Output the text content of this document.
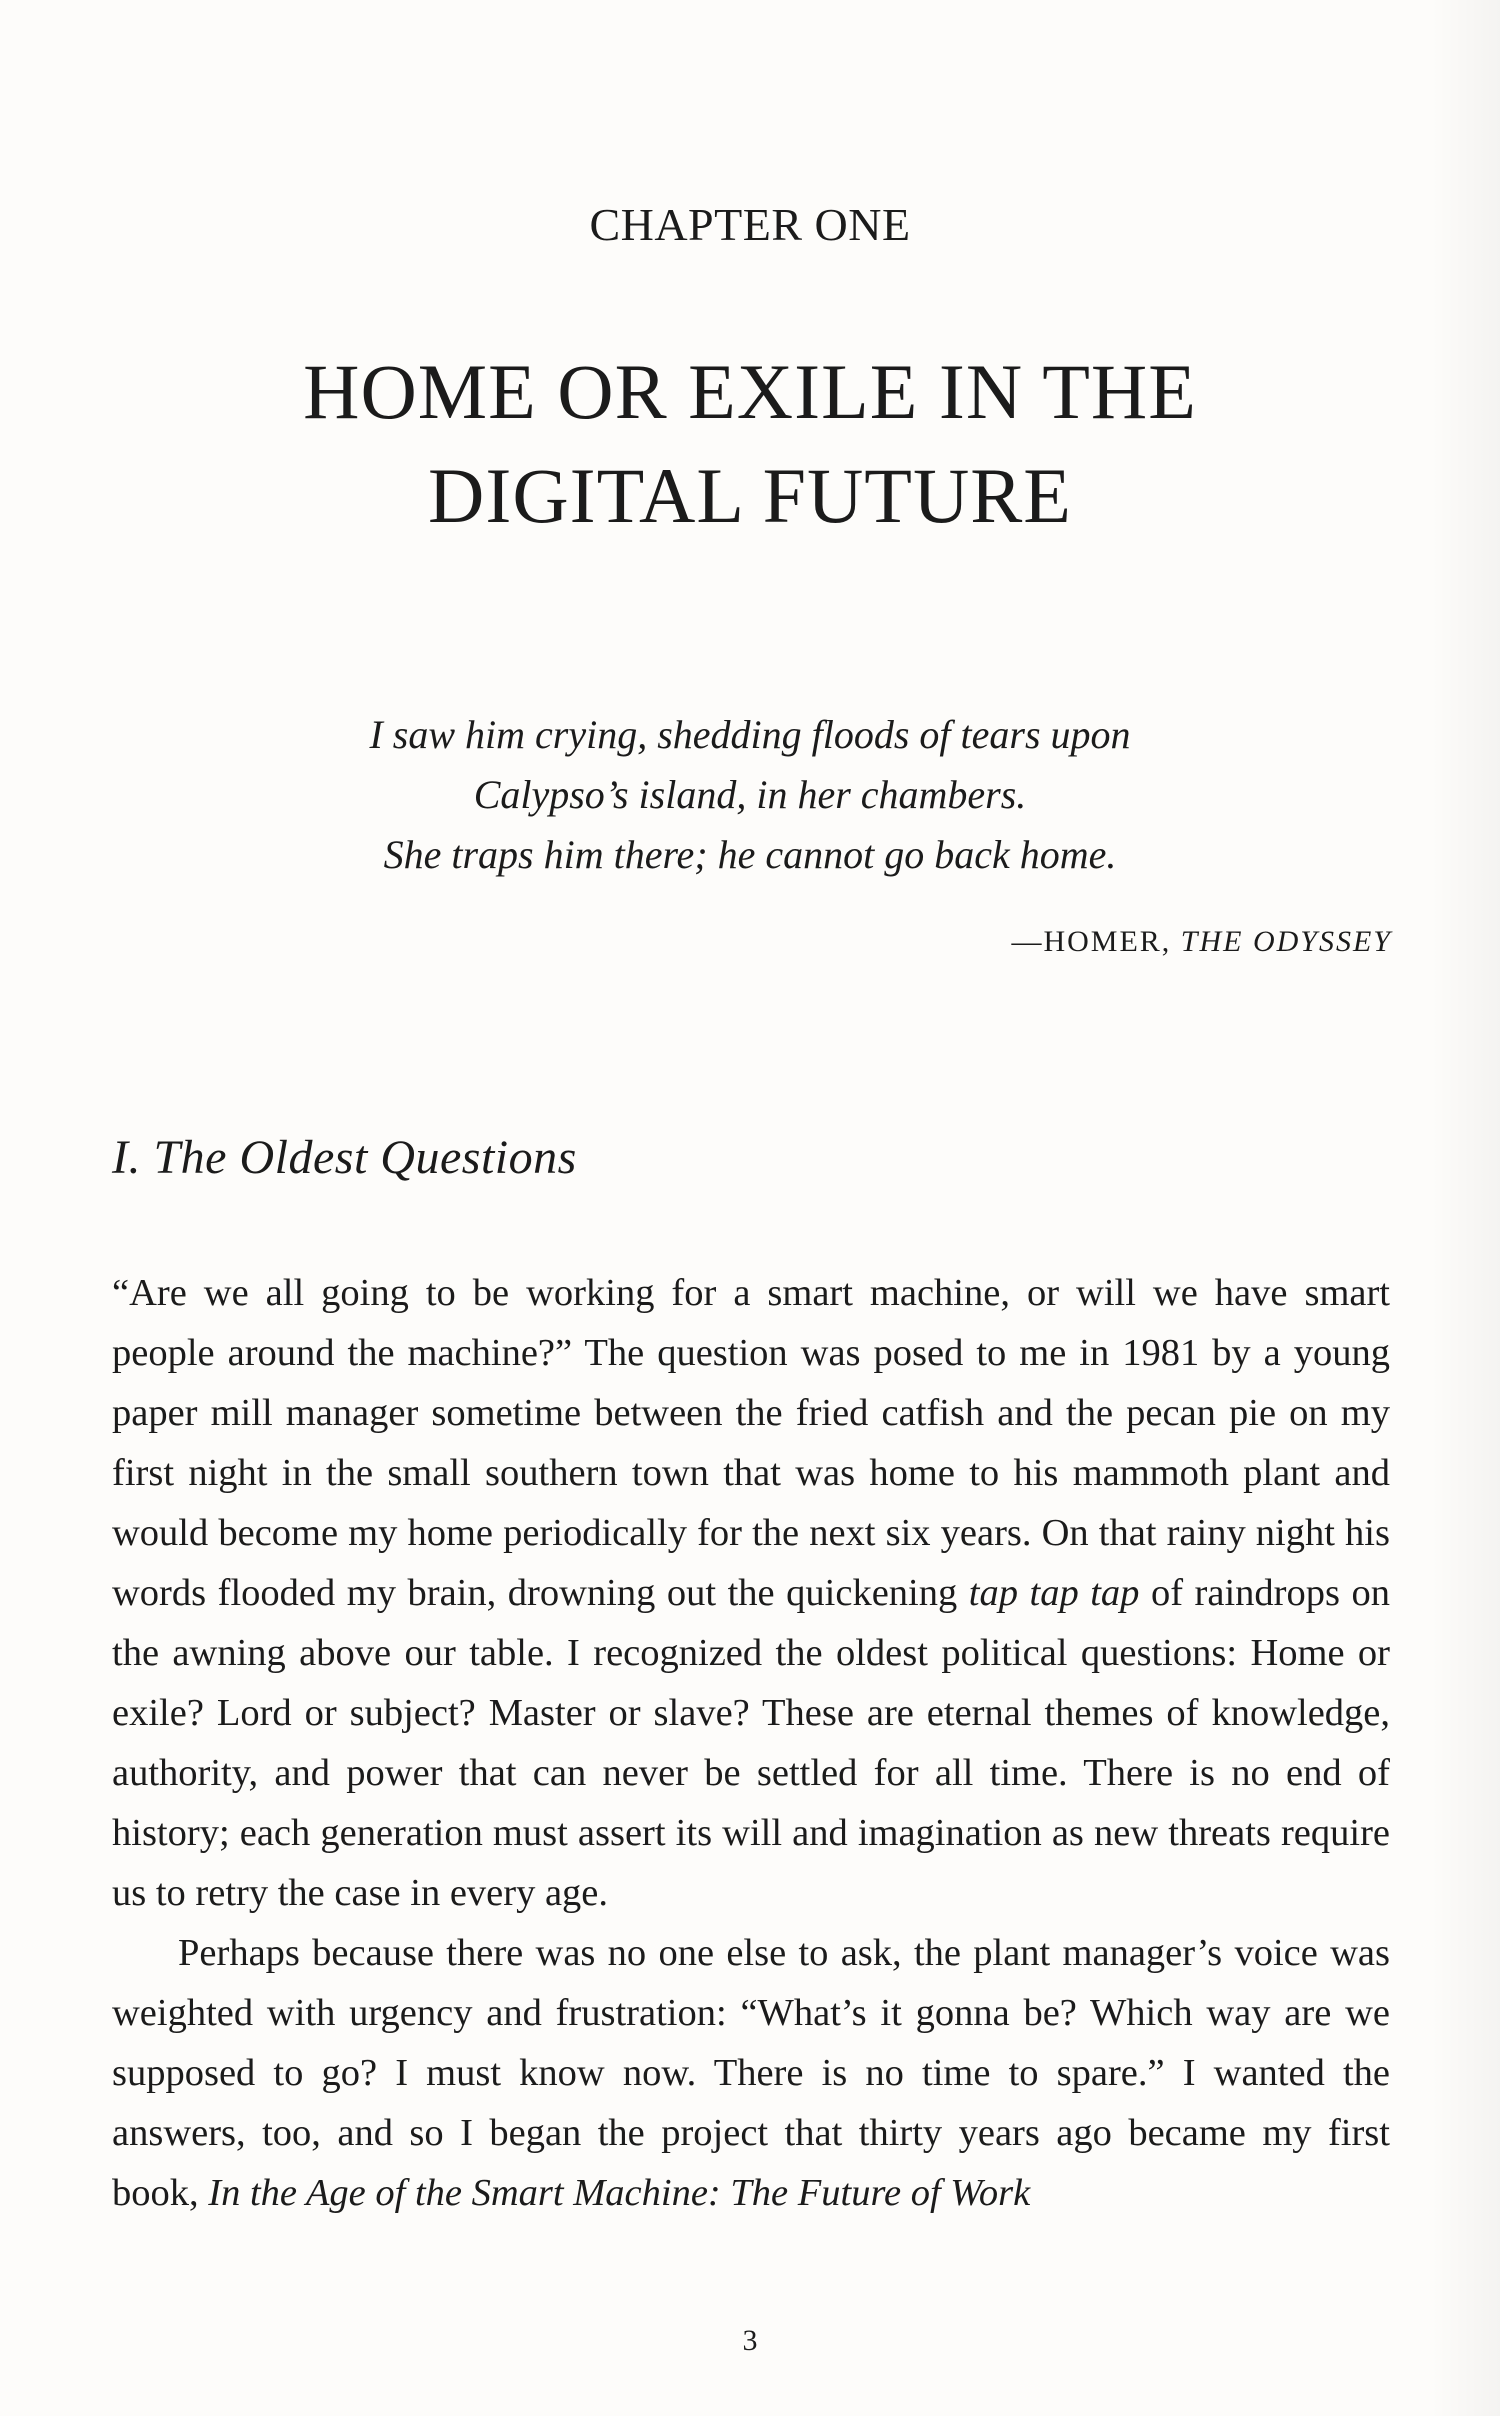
CHAPTER ONE
HOME OR EXILE IN THE
DIGITAL FUTURE
I saw him crying, shedding floods of tears upon
Calypso’s island, in her chambers.
She traps him there; he cannot go back home.
—HOMER, THE ODYSSEY
I. The Oldest Questions

“Are we all going to be working for a smart machine, or will we have smart people around the machine?” The question was posed to me in 1981 by a young paper mill manager sometime between the fried catfish and the pecan pie on my first night in the small southern town that was home to his mammoth plant and would become my home periodically for the next six years. On that rainy night his words flooded my brain, drowning out the quickening tap tap tap of raindrops on the awning above our table. I recognized the oldest political questions: Home or exile? Lord or subject? Master or slave? These are eternal themes of knowledge, authority, and power that can never be settled for all time. There is no end of history; each generation must assert its will and imagination as new threats require us to retry the case in every age.

Perhaps because there was no one else to ask, the plant manager’s voice was weighted with urgency and frustration: “What’s it gonna be? Which way are we supposed to go? I must know now. There is no time to spare.” I wanted the answers, too, and so I began the project that thirty years ago became my first book, In the Age of the Smart Machine: The Future of Work

3
